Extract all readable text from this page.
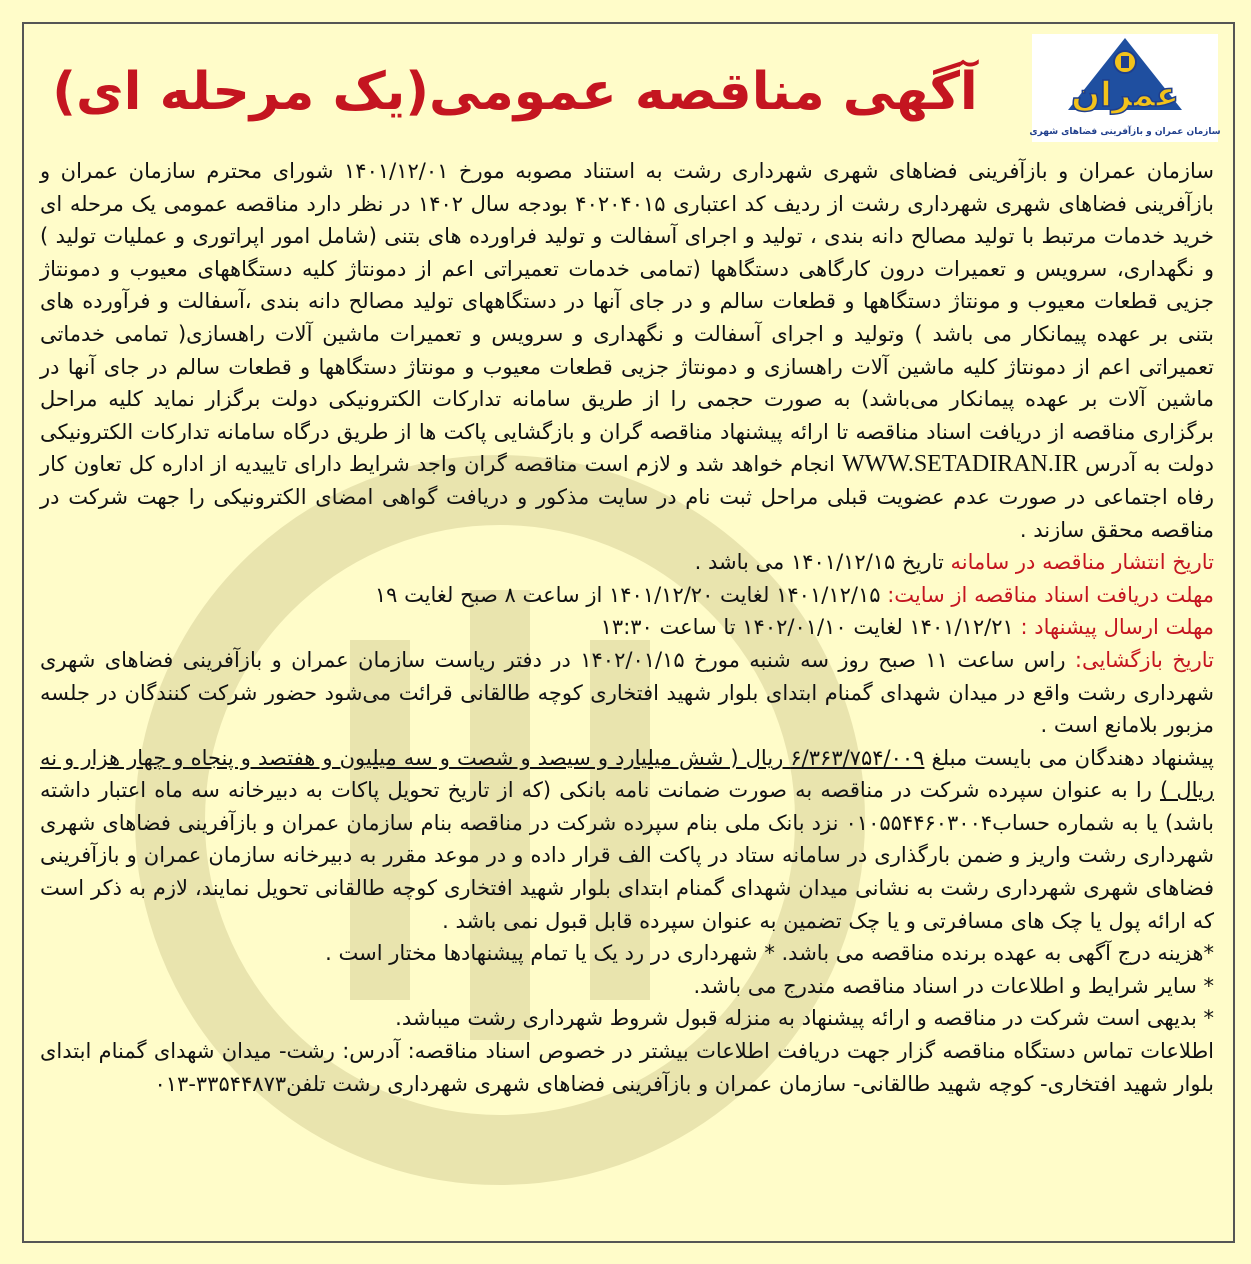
عمران
سازمان عمران و بازآفرینی فضاهای شهری
آگهی مناقصه عمومی(یک مرحله ای)

سازمان عمران و بازآفرینی فضاهای شهری شهرداری رشت به استناد مصوبه مورخ ۱۴۰۱/۱۲/۰۱ شورای محترم سازمان عمران و بازآفرینی فضاهای شهری شهرداری رشت از ردیف کد اعتباری ۴۰۲۰۴۰۱۵ بودجه سال ۱۴۰۲ در نظر دارد مناقصه عمومی یک مرحله ای خرید خدمات مرتبط با تولید مصالح دانه بندی ، تولید و اجرای آسفالت و تولید فراورده های بتنی (شامل امور اپراتوری و عملیات تولید ) و نگهداری، سرویس و تعمیرات درون کارگاهی دستگاهها (تمامی خدمات تعمیراتی اعم از دمونتاژ کلیه دستگاههای معیوب و دمونتاژ جزیی قطعات معیوب و مونتاژ دستگاهها و قطعات سالم و در جای آنها در دستگاههای تولید مصالح دانه بندی ،آسفالت و فرآورده های بتنی بر عهده پیمانکار می باشد ) وتولید و اجرای آسفالت و نگهداری و سرویس و تعمیرات ماشین آلات راهسازی( تمامی خدماتی تعمیراتی اعم از دمونتاژ کلیه ماشین آلات راهسازی و دمونتاژ جزیی قطعات معیوب و مونتاژ دستگاهها و قطعات سالم در جای آنها در ماشین آلات بر عهده پیمانکار می‌باشد) به صورت حجمی را از طریق سامانه تدارکات الکترونیکی دولت برگزار نماید کلیه مراحل برگزاری مناقصه از دریافت اسناد مناقصه تا ارائه پیشنهاد مناقصه گران و بازگشایی پاکت ها از طریق درگاه سامانه تدارکات الکترونیکی دولت به آدرس WWW.SETADIRAN.IR انجام خواهد شد و لازم است مناقصه گران واجد شرایط دارای تاییدیه از اداره کل تعاون کار رفاه اجتماعی در صورت عدم عضویت قبلی مراحل ثبت نام در سایت مذکور و دریافت گواهی امضای الکترونیکی را جهت شرکت در مناقصه محقق سازند .

تاریخ انتشار مناقصه در سامانه تاریخ ۱۴۰۱/۱۲/۱۵ می باشد .

مهلت دریافت اسناد مناقصه از سایت: ۱۴۰۱/۱۲/۱۵ لغایت ۱۴۰۱/۱۲/۲۰ از ساعت ۸ صبح لغایت ۱۹

مهلت ارسال پیشنهاد : ۱۴۰۱/۱۲/۲۱ لغایت ۱۴۰۲/۰۱/۱۰ تا ساعت ۱۳:۳۰

تاریخ بازگشایی: راس ساعت ۱۱ صبح روز سه شنبه مورخ ۱۴۰۲/۰۱/۱۵ در دفتر ریاست سازمان عمران و بازآفرینی فضاهای شهری شهرداری رشت واقع در میدان شهدای گمنام ابتدای بلوار شهید افتخاری کوچه طالقانی قرائت می‌شود حضور شرکت کنندگان در جلسه مزبور بلامانع است .

پیشنهاد دهندگان می بایست مبلغ ۶/۳۶۳/۷۵۴/۰۰۹ ریال ( شش میلیارد و سیصد و شصت و سه میلیون و هفتصد و پنجاه و چهار هزار و نه ریال ) را به عنوان سپرده شرکت در مناقصه به صورت ضمانت نامه بانکی (که از تاریخ تحویل پاکات به دبیرخانه سه ماه اعتبار داشته باشد) یا به شماره حساب۰۱۰۵۵۴۴۶۰۳۰۰۴ نزد بانک ملی بنام سپرده شرکت در مناقصه بنام سازمان عمران و بازآفرینی فضاهای شهری شهرداری رشت واریز و ضمن بارگذاری در سامانه ستاد در پاکت الف قرار داده و در موعد مقرر به دبیرخانه سازمان عمران و بازآفرینی فضاهای شهری شهرداری رشت به نشانی میدان شهدای گمنام ابتدای بلوار شهید افتخاری کوچه طالقانی تحویل نمایند، لازم به ذکر است که ارائه پول یا چک های مسافرتی و یا چک تضمین به عنوان سپرده قابل قبول نمی باشد .

*هزینه درج آگهی به عهده برنده مناقصه می باشد. * شهرداری در رد یک یا تمام پیشنهادها مختار است .

* سایر شرایط و اطلاعات در اسناد مناقصه مندرج می باشد.

* بدیهی است شرکت در مناقصه و ارائه پیشنهاد به منزله قبول شروط شهرداری رشت میباشد.

اطلاعات تماس دستگاه مناقصه گزار جهت دریافت اطلاعات بیشتر در خصوص اسناد مناقصه: آدرس: رشت- میدان شهدای گمنام ابتدای بلوار شهید افتخاری- کوچه شهید طالقانی- سازمان عمران و بازآفرینی فضاهای شهری شهرداری رشت تلفن۳۳۵۴۴۸۷۳-۰۱۳
